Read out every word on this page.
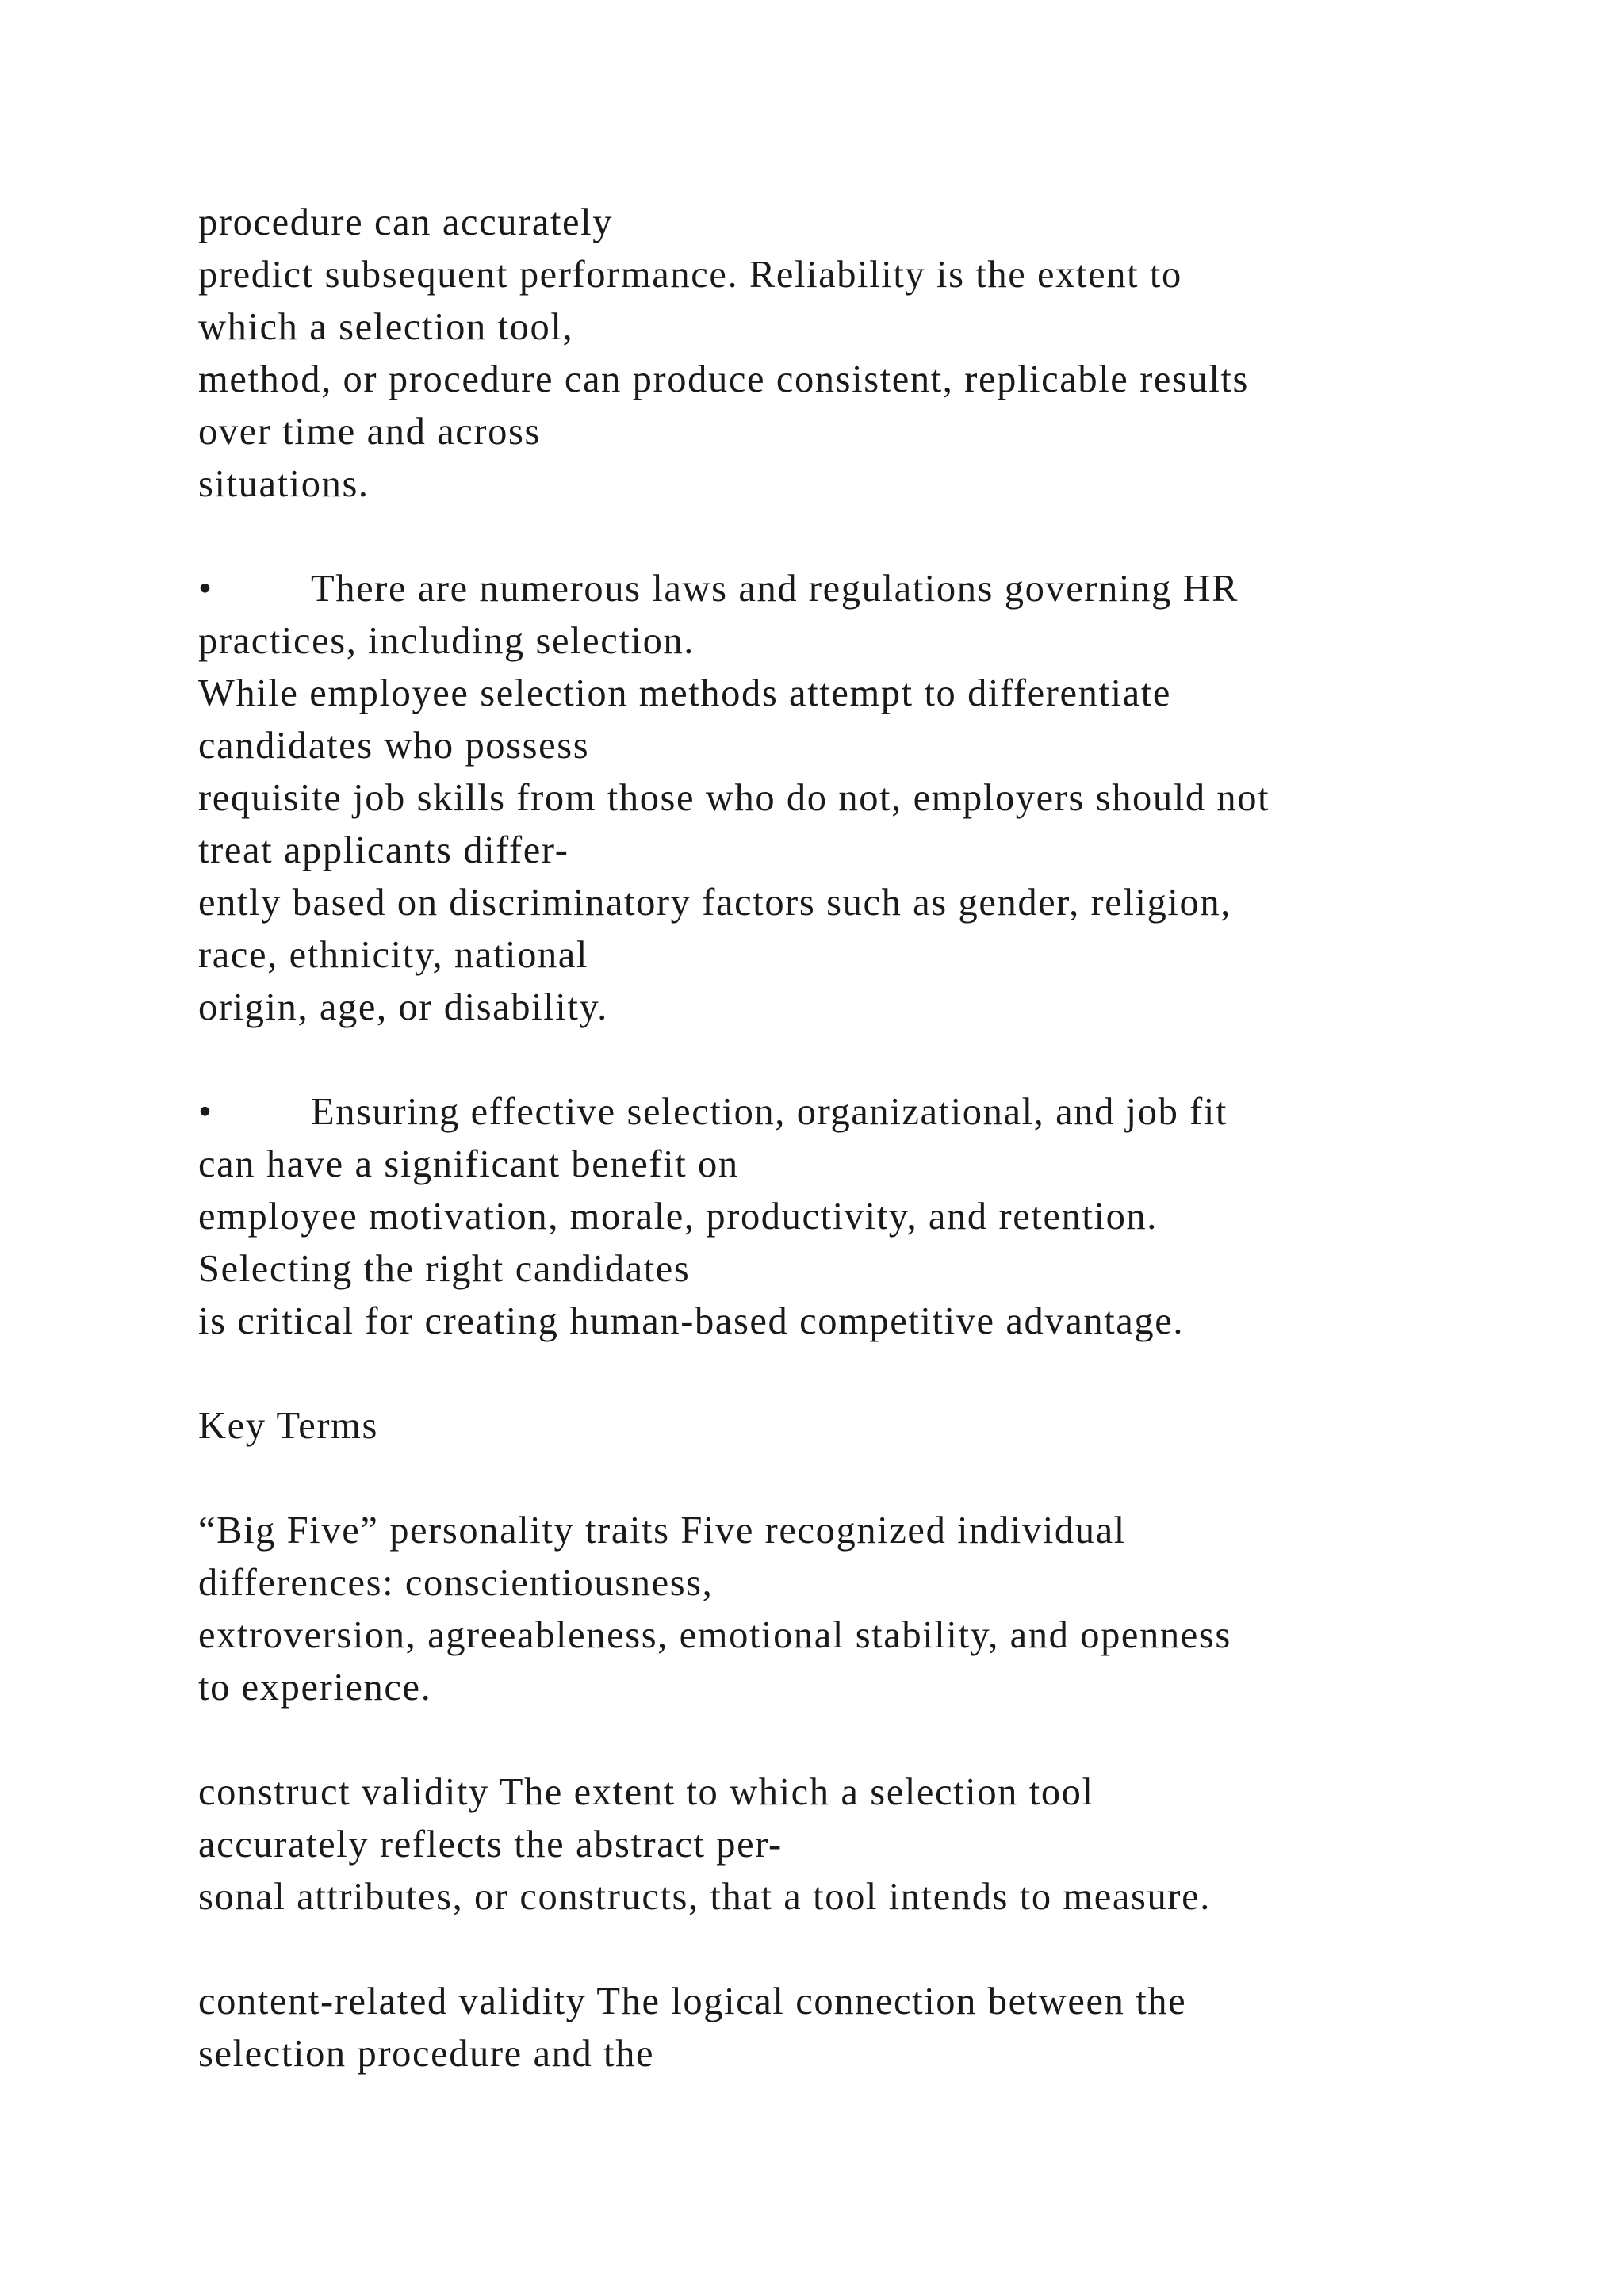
procedure can accurately
predict subsequent performance. Reliability is the extent to
which a selection tool,
method, or procedure can produce consistent, replicable results
over time and across
situations.
•	There are numerous laws and regulations governing HR
practices, including selection.
While employee selection methods attempt to differentiate
candidates who possess
requisite job skills from those who do not, employers should not
treat applicants differ-
ently based on discriminatory factors such as gender, religion,
race, ethnicity, national
origin, age, or disability.
•	Ensuring effective selection, organizational, and job fit
can have a significant benefit on
employee motivation, morale, productivity, and retention.
Selecting the right candidates
is critical for creating human-based competitive advantage.
Key Terms
“Big Five” personality traits Five recognized individual
differences: conscientiousness,
extroversion, agreeableness, emotional stability, and openness
to experience.
construct validity The extent to which a selection tool
accurately reflects the abstract per-
sonal attributes, or constructs, that a tool intends to measure.
content-related validity The logical connection between the
selection procedure and the
